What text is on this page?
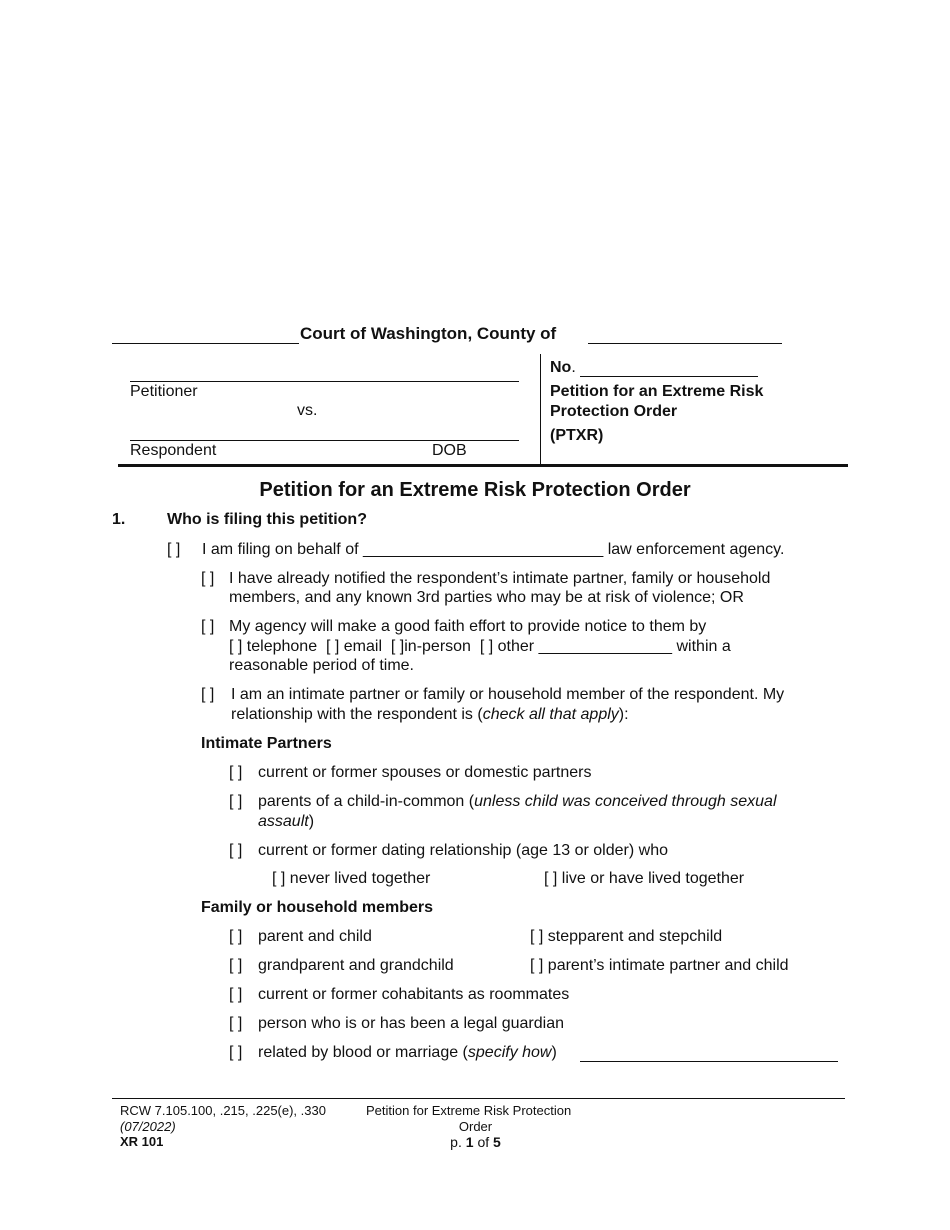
Court of Washington, County of
Petitioner
vs.
Respondent	DOB
No.
Petition for an Extreme Risk
Protection Order
(PTXR)
Petition for an Extreme Risk Protection Order
1.	Who is filing this petition?
[ ] I am filing on behalf of ___________________________ law enforcement agency.
[ ] I have already notified the respondent’s intimate partner, family or household
members, and any known 3rd parties who may be at risk of violence; OR
[ ] My agency will make a good faith effort to provide notice to them by
[ ] telephone [ ] email [ ]in-person [ ] other _______________ within a
reasonable period of time.
[ ] I am an intimate partner or family or household member of the respondent. My
relationship with the respondent is (check all that apply):
Intimate Partners
[ ] current or former spouses or domestic partners
[ ] parents of a child-in-common (unless child was conceived through sexual
assault)
[ ] current or former dating relationship (age 13 or older) who
[ ] never lived together	[ ] live or have lived together
Family or household members
[ ] parent and child	[ ] stepparent and stepchild
[ ] grandparent and grandchild	[ ] parent’s intimate partner and child
[ ] current or former cohabitants as roommates
[ ] person who is or has been a legal guardian
[ ] related by blood or marriage (specify how)
RCW 7.105.100, .215, .225(e), .330
(07/2022)
XR 101
Petition for Extreme Risk Protection
Order
p. 1 of 5
